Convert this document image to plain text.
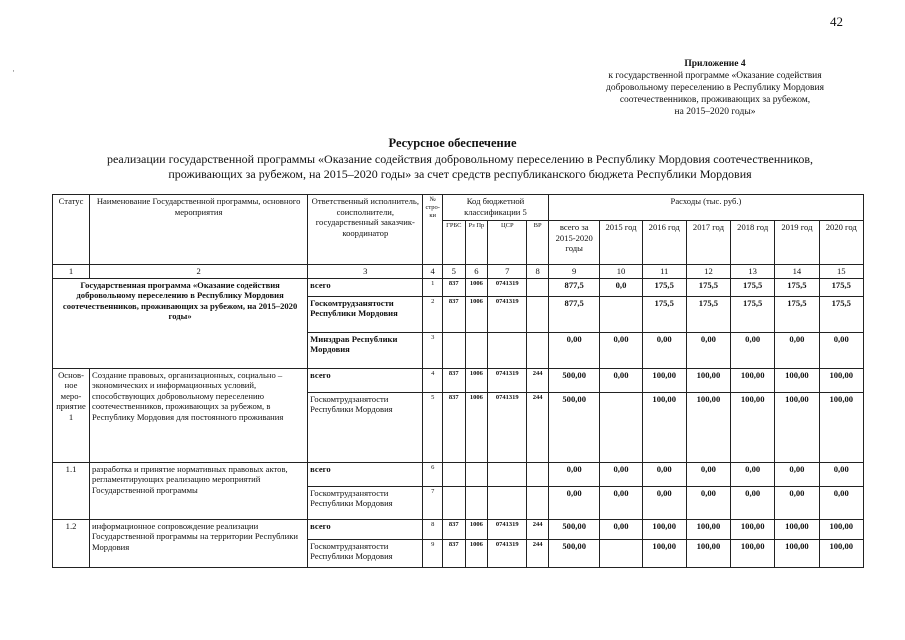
42
·
Приложение 4
к государственной программе «Оказание содействия
добровольному переселению в Республику Мордовия
соотечественников, проживающих за рубежом,
на 2015–2020 годы»
Ресурсное обеспечение
реализации государственной программы «Оказание содействия добровольному переселению в Республику Мордовия соотечественников,
проживающих за рубежом, на 2015–2020 годы» за счет средств республиканского бюджета Республики Мордовия
Статус	Наименование Государственной программы, основного мероприятия	Ответственный исполнитель, соисполнители, государственный заказчик-координатор	№ стро-ки	Код бюджетной классификации 5				Расходы (тыс. руб.)						
				ГРБС	Рз Пр	ЦСР	ВР	всего за 2015-2020 годы	2015 год	2016 год	2017 год	2018 год	2019 год	2020 год
1	2	3	4	5	6	7	8	9	10	11	12	13	14	15
Государственная программа «Оказание содействия добровольному переселению в Республику Мордовия соотечественников, проживающих за рубежом, на 2015–2020 годы»		всего	1	837	1006	0741319		877,5	0,0	175,5	175,5	175,5	175,5	175,5
		Госкомтрудзанятости Республики Мордовия	2	837	1006	0741319		877,5		175,5	175,5	175,5	175,5	175,5
		Минздрав Республики Мордовия	3					0,00	0,00	0,00	0,00	0,00	0,00	0,00
Основ-ное меро-приятие 1	Создание правовых, организационных, социально – экономических и информационных условий, способствующих добровольному переселению соотечественников, проживающих за рубежом, в Республику Мордовия для постоянного проживания	всего	4	837	1006	0741319	244	500,00	0,00	100,00	100,00	100,00	100,00	100,00
		Госкомтрудзанятости Республики Мордовия	5	837	1006	0741319	244	500,00		100,00	100,00	100,00	100,00	100,00
1.1	разработка и принятие нормативных правовых актов, регламентирующих реализацию мероприятий Государственной программы	всего	6					0,00	0,00	0,00	0,00	0,00	0,00	0,00
		Госкомтрудзанятости Республики Мордовия	7					0,00	0,00	0,00	0,00	0,00	0,00	0,00
1.2	информационное сопровождение реализации Государственной программы на территории Республики Мордовия	всего	8	837	1006	0741319	244	500,00	0,00	100,00	100,00	100,00	100,00	100,00
		Госкомтрудзанятости Республики Мордовия	9	837	1006	0741319	244	500,00		100,00	100,00	100,00	100,00	100,00
